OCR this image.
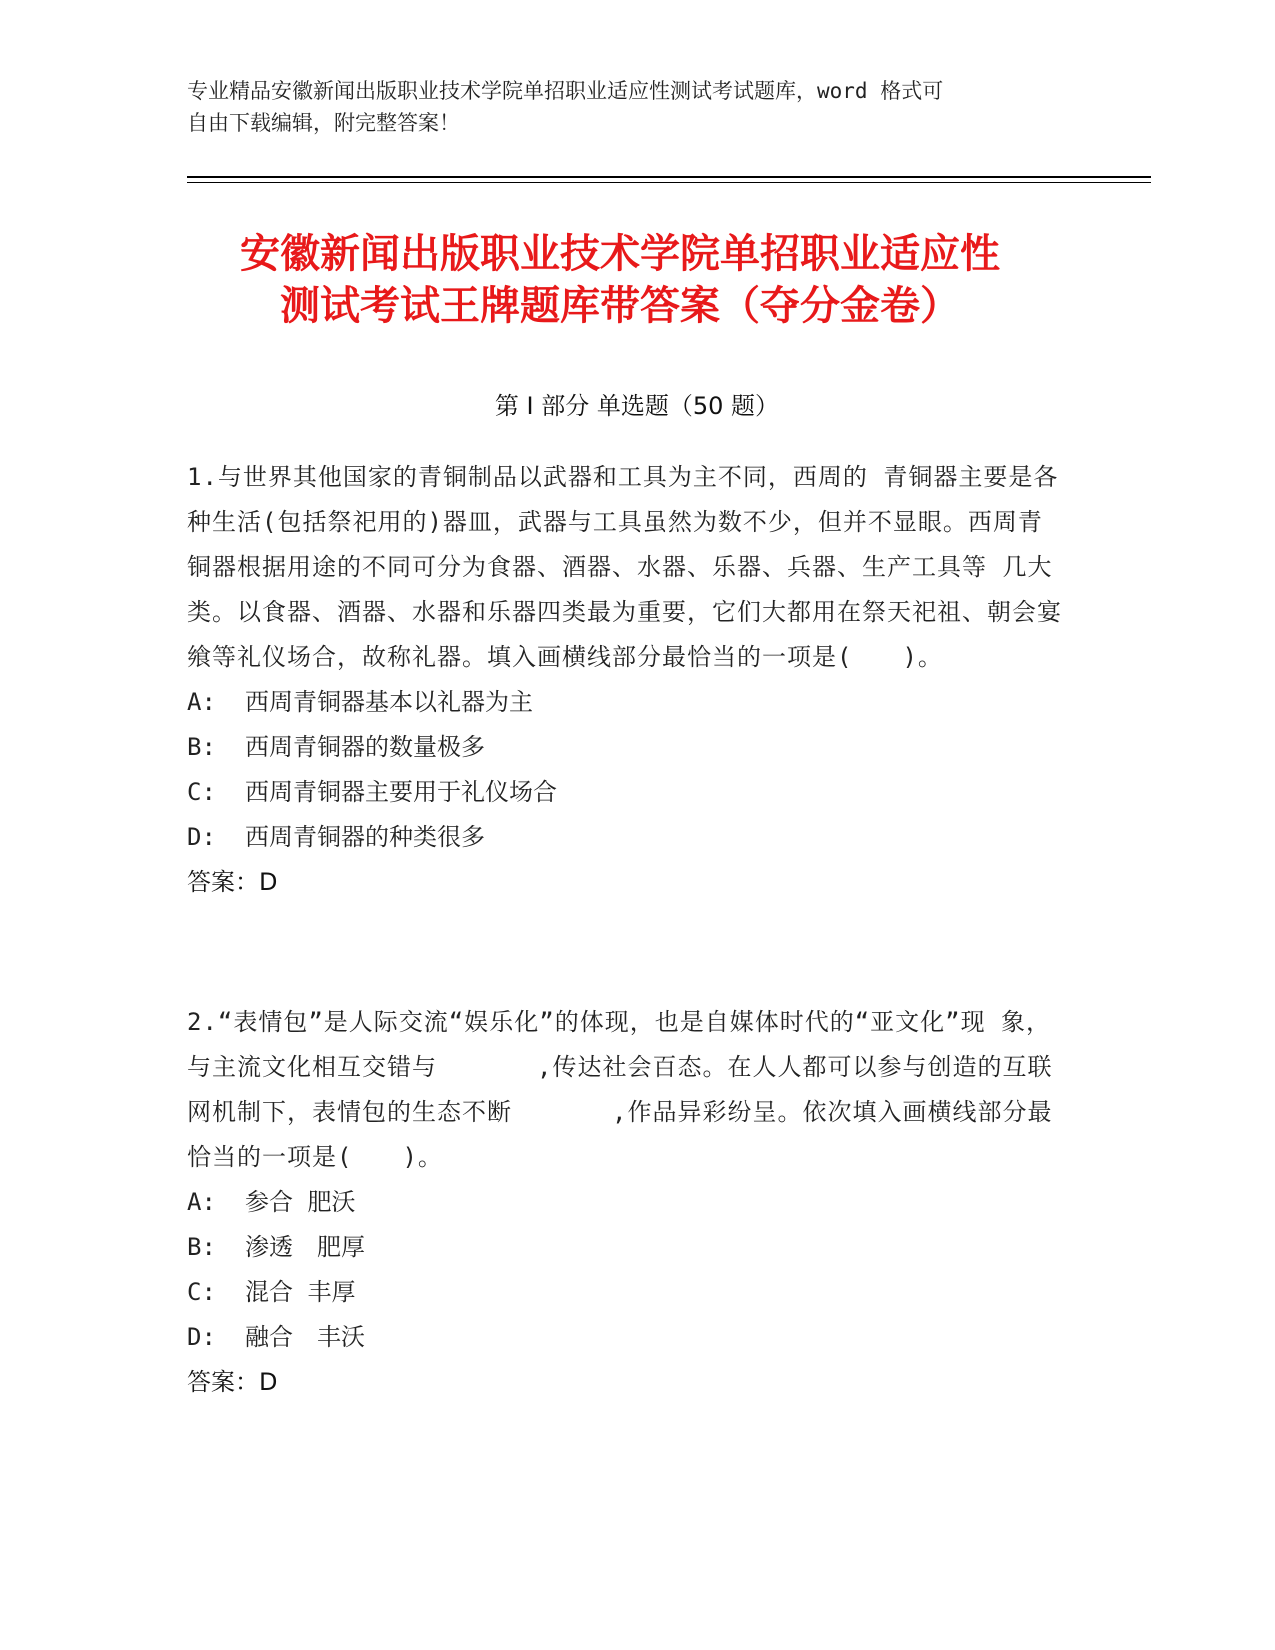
专业精品安徽新闻出版职业技术学院单招职业适应性测试考试题库，word 格式可
自由下载编辑，附完整答案！
安徽新闻出版职业技术学院单招职业适应性
测试考试王牌题库带答案（夺分金卷）
第 I 部分 单选题（50 题）
1.与世界其他国家的青铜制品以武器和工具为主不同，西周的 青铜器主要是各种生活(包括祭祀用的)器皿，武器与工具虽然为数不少，但并不显眼。西周青铜器根据用途的不同可分为食器、酒器、水器、乐器、兵器、生产工具等 几大类。以食器、酒器、水器和乐器四类最为重要，它们大都用在祭天祀祖、朝会宴飨等礼仪场合，故称礼器。填入画横线部分最恰当的一项是(　　)。
A:	西周青铜器基本以礼器为主
B:	西周青铜器的数量极多
C:	西周青铜器主要用于礼仪场合
D:	西周青铜器的种类很多
答案：D
2.“表情包”是人际交流“娱乐化”的体现，也是自媒体时代的“亚文化”现 象，与主流文化相互交错与　　　　,传达社会百态。在人人都可以参与创造的互联网机制下，表情包的生态不断　　　　,作品异彩纷呈。依次填入画横线部分最恰当的一项是(　　)。
A:	参合 肥沃
B:	渗透　肥厚
C:	混合 丰厚
D:	融合　丰沃
答案：D
